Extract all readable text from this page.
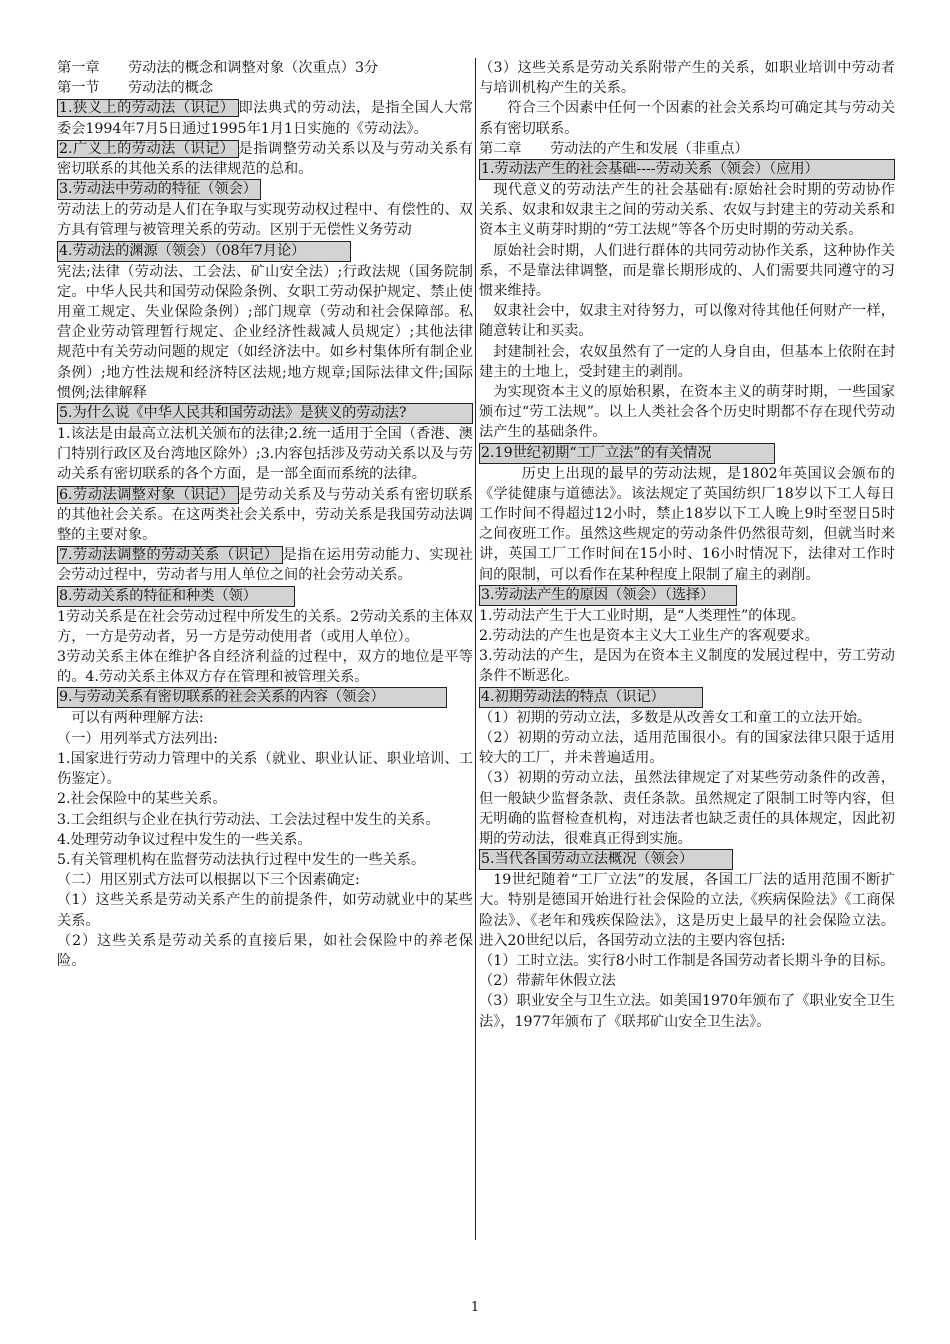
第一章　　劳动法的概念和调整对象（次重点）3分

第一节　　劳动法的概念

1.狭义上的劳动法（识记） 即法典式的劳动法，是指全国人大常委会1994年7月5日通过1995年1月1日实施的《劳动法》。

2.广义上的劳动法（识记） 是指调整劳动关系以及与劳动关系有密切联系的其他关系的法律规范的总和。

3.劳动法中劳动的特征（领会）

劳动法上的劳动是人们在争取与实现劳动权过程中、有偿性的、双方具有管理与被管理关系的劳动。区别于无偿性义务劳动

4.劳动法的渊源（领会）（08年7月论）

宪法;法律（劳动法、工会法、矿山安全法）;行政法规（国务院制定。中华人民共和国劳动保险条例、女职工劳动保护规定、禁止使用童工规定、失业保险条例）;部门规章（劳动和社会保障部。私营企业劳动管理暂行规定、企业经济性裁减人员规定）;其他法律规范中有关劳动问题的规定（如经济法中。如乡村集体所有制企业条例）;地方性法规和经济特区法规;地方规章;国际法律文件;国际惯例;法律解释

5.为什么说《中华人民共和国劳动法》是狭义的劳动法?

1.该法是由最高立法机关颁布的法律;2.统一适用于全国（香港、澳门特别行政区及台湾地区除外）;3.内容包括涉及劳动关系以及与劳动关系有密切联系的各个方面，是一部全面而系统的法律。

6.劳动法调整对象（识记） 是劳动关系及与劳动关系有密切联系的其他社会关系。在这两类社会关系中，劳动关系是我国劳动法调整的主要对象。

7.劳动法调整的劳动关系（识记） 是指在运用劳动能力、实现社会劳动过程中，劳动者与用人单位之间的社会劳动关系。

8.劳动关系的特征和种类（领）

1劳动关系是在社会劳动过程中所发生的关系。2劳动关系的主体双方，一方是劳动者，另一方是劳动使用者（或用人单位）。

3劳动关系主体在维护各自经济利益的过程中，双方的地位是平等的。4.劳动关系主体双方存在管理和被管理关系。

9.与劳动关系有密切联系的社会关系的内容（领会）

可以有两种理解方法:

（一）用列举式方法列出:

1.国家进行劳动力管理中的关系（就业、职业认证、职业培训、工伤鉴定）。

2.社会保险中的某些关系。

3.工会组织与企业在执行劳动法、工会法过程中发生的关系。

4.处理劳动争议过程中发生的一些关系。

5.有关管理机构在监督劳动法执行过程中发生的一些关系。

（二）用区别式方法可以根据以下三个因素确定:

（1）这些关系是劳动关系产生的前提条件，如劳动就业中的某些关系。

（2）这些关系是劳动关系的直接后果，如社会保险中的养老保险。

（3）这些关系是劳动关系附带产生的关系，如职业培训中劳动者与培训机构产生的关系。

符合三个因素中任何一个因素的社会关系均可确定其与劳动关系有密切联系。

第二章　　劳动法的产生和发展（非重点）

1.劳动法产生的社会基础----劳动关系（领会）（应用）

现代意义的劳动法产生的社会基础有:原始社会时期的劳动协作关系、奴隶和奴隶主之间的劳动关系、农奴与封建主的劳动关系和资本主义萌芽时期的“劳工法规”等各个历史时期的劳动关系。

原始社会时期，人们进行群体的共同劳动协作关系，这种协作关系，不是靠法律调整，而是靠长期形成的、人们需要共同遵守的习惯来维持。

奴隶社会中，奴隶主对待努力，可以像对待其他任何财产一样，随意转让和买卖。

封建制社会，农奴虽然有了一定的人身自由，但基本上依附在封建主的土地上，受封建主的剥削。

为实现资本主义的原始积累，在资本主义的萌芽时期，一些国家颁布过“劳工法规”。以上人类社会各个历史时期都不存在现代劳动法产生的基础条件。

2.19世纪初期“工厂立法”的有关情况

历史上出现的最早的劳动法规，是1802年英国议会颁布的《学徒健康与道德法》。该法规定了英国纺织厂18岁以下工人每日工作时间不得超过12小时，禁止18岁以下工人晚上9时至翌日5时之间夜班工作。虽然这些规定的劳动条件仍然很苛刻，但就当时来讲，英国工厂工作时间在15小时、16小时情况下，法律对工作时间的限制，可以看作在某种程度上限制了雇主的剥削。

3.劳动法产生的原因（领会）（选择）

1.劳动法产生于大工业时期，是“人类理性”的体现。

2.劳动法的产生也是资本主义大工业生产的客观要求。

3.劳动法的产生，是因为在资本主义制度的发展过程中，劳工劳动条件不断恶化。

4.初期劳动法的特点（识记）

（1）初期的劳动立法，多数是从改善女工和童工的立法开始。

（2）初期的劳动立法，适用范围很小。有的国家法律只限于适用较大的工厂，并未普遍适用。

（3）初期的劳动立法，虽然法律规定了对某些劳动条件的改善，但一般缺少监督条款、责任条款。虽然规定了限制工时等内容，但无明确的监督检查机构，对违法者也缺乏责任的具体规定，因此初期的劳动法，很难真正得到实施。

5.当代各国劳动立法概况（领会）

19世纪随着“工厂立法”的发展，各国工厂法的适用范围不断扩大。特别是德国开始进行社会保险的立法,《疾病保险法》《工商保险法》、《老年和残疾保险法》，这是历史上最早的社会保险立法。进入20世纪以后，各国劳动立法的主要内容包括:

（1）工时立法。实行8小时工作制是各国劳动者长期斗争的目标。

（2）带薪年休假立法

（3）职业安全与卫生立法。如美国1970年颁布了《职业安全卫生法》，1977年颁布了《联邦矿山安全卫生法》。

1
